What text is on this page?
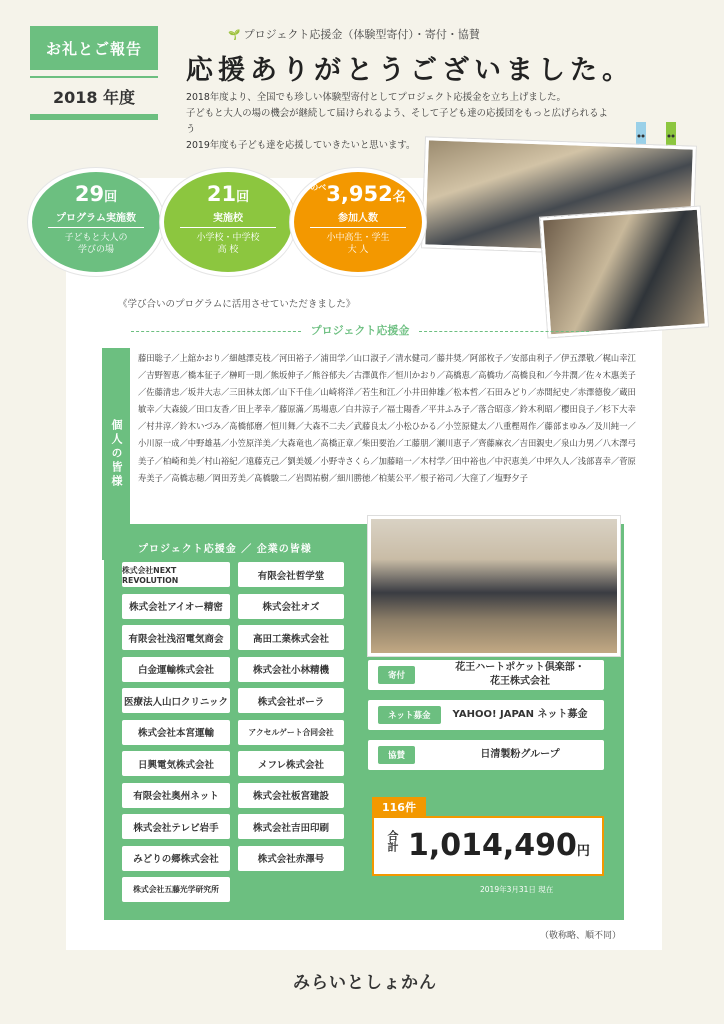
お礼とご報告
2018 年度
🌱 プロジェクト応援金（体験型寄付）・寄付・協賛
応援ありがとうございました。
2018年度より、全国でも珍しい体験型寄付としてプロジェクト応援金を立ち上げました。
子どもと大人の場の機会が継続して届けられるよう、そして子ども達の応援団をもっと広げられるよう
2019年度も子ども達を応援していきたいと思います。
29回
プログラム実施数
子どもと大人の
学びの場
21回
実施校
小学校・中学校
高 校
$^{のべ}$3,952名
参加人数
小中高生・学生
大 人
《学び合いのプログラムに活用させていただきました》
プロジェクト応援金
個人の皆様
藤田聡子／上舘かおり／細越澤克枝／河田裕子／浦田学／山口淑子／清水健司／藤井奨／阿部枚子／安部由利子／伊五澤敬／梶山幸江／吉野智恵／橋本征子／榊町一則／熊坂伸子／熊谷郁夫／古澤眞作／恒川かおり／高橋恵／高橋功／高橋良和／今井潤／佐々木惠美子／佐藤清忠／坂井大志／三田林太郎／山下千佳／山崎将洋／若生和江／小井田伸雄／松本哲／石田みどり／赤間紀史／赤澤德俊／蔵田敏幸／大森綾／田口友香／田上孝幸／藤原滿／馬場恵／白井涼子／福士陽香／平井ふみ子／落合昭彦／鈴木利昭／櫻田良子／杉下大幸／村井淳／鈴木いづみ／髙橋郁磨／恒川舞／大森不二夫／武藤良太／小松ひかる／小笠原健太／八重樫周作／藤部まゆみ／及川純一／小川原一成／中野雄基／小笠原洋美／大森竜也／髙橋正章／柴田要治／工藤朋／瀬川恵子／齊藤麻衣／吉田親史／泉山力男／八木澤弓美子／柏崎和美／村山裕紀／遠藤克己／劉美媛／小野寺さくら／加藤暗一／木村学／田中裕也／中沢恵美／中坪久人／浅部喜幸／菅原寿美子／高橋志穂／岡田芳美／髙橋駿二／岩間祐樹／細川勝徳／柏葉公平／根子裕司／大窪了／塩野夕子
プロジェクト応援金 ／ 企業の皆様
株式会社NEXT REVOLUTION
株式会社アイオー精密
有限会社浅沼電気商会
白金運輸株式会社
医療法人山口クリニック
株式会社本宮運輸
日興電気株式会社
有限会社奥州ネット
株式会社テレビ岩手
みどりの郷株式会社
株式会社五藤光学研究所
有限会社哲学堂
株式会社オズ
高田工業株式会社
株式会社小林精機
株式会社ポーラ
アクセルゲート合同会社
メフレ株式会社
株式会社板宮建設
株式会社吉田印刷
株式会社赤澤号
寄付
花王ハートポケット倶楽部・
花王株式会社
ネット募金	YAHOO! JAPAN ネット募金
協賛	日清製粉グループ
116件
合計 1,014,490円
2019年3月31日 現在
（敬称略、順不同）
みらいとしょかん
